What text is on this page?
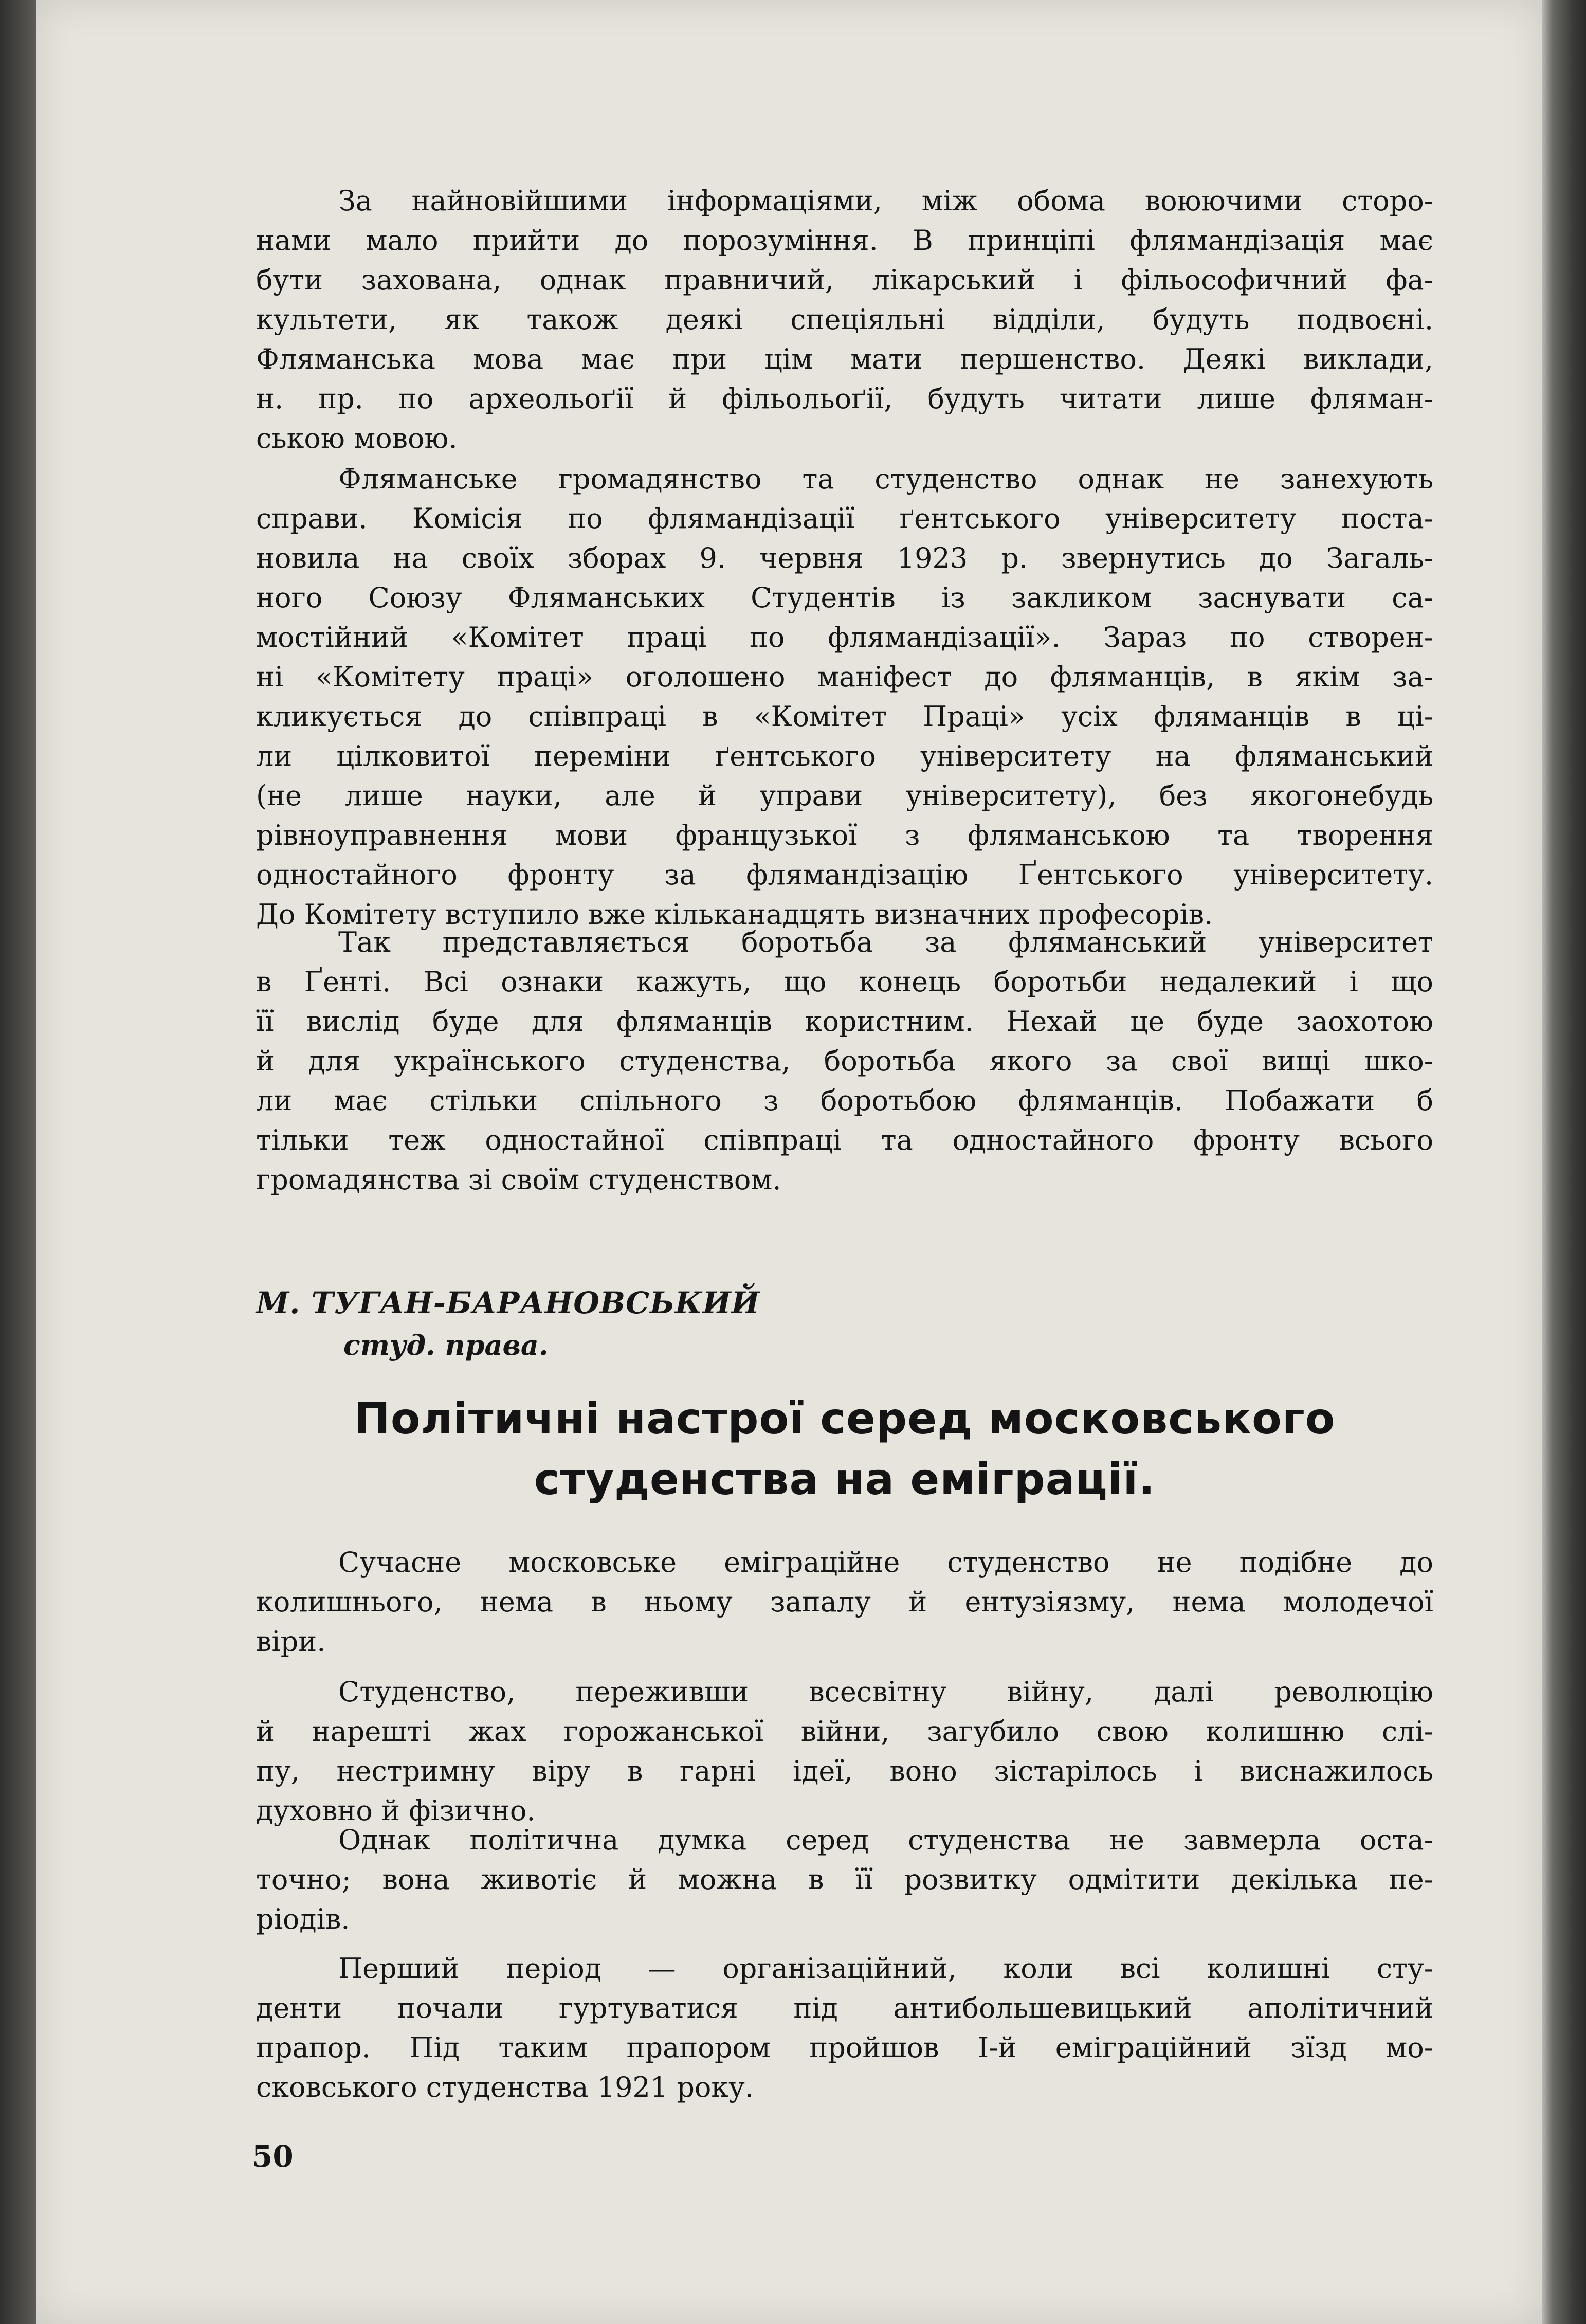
За найновійшими інформаціями, між обома воюючими сторо-
нами мало прийти до порозуміння. В принціпі флямандізація має
бути захована, однак правничий, лікарський і фільософичний фа-
культети, як також деякі спеціяльні відділи, будуть подвоєні.
Фляманська мова має при цім мати першенство. Деякі виклади,
н. пр. по археольоґії й фільольоґії, будуть читати лише фляман-
ською мовою.
Фляманське громадянство та студенство однак не занехують
справи. Комісія по флямандізації ґентського університету поста-
новила на своїх зборах 9. червня 1923 р. звернутись до Загаль-
ного Союзу Фляманських Студентів із закликом заснувати са-
мостійний «Комітет праці по флямандізації». Зараз по створен-
ні «Комітету праці» оголошено маніфест до фляманців, в якім за-
кликується до співпраці в «Комітет Праці» усіх фляманців в ці-
ли цілковитої переміни ґентського університету на фляманський
(не лише науки, але й управи університету), без якогонебудь
рівноуправнення мови французької з фляманською та творення
одностайного фронту за флямандізацію Ґентського університету.
До Комітету вступило вже кільканадцять визначних професорів.
Так представляється боротьба за фляманський університет
в Ґенті. Всі ознаки кажуть, що конець боротьби недалекий і що
її вислід буде для фляманців користним. Нехай це буде заохотою
й для українського студенства, боротьба якого за свої вищі шко-
ли має стільки спільного з боротьбою фляманців. Побажати б
тільки теж одностайної співпраці та одностайного фронту всього
громадянства зі своїм студенством.
М. ТУГАН-БАРАНОВСЬКИЙ
студ. права.
Політичні настрої серед московського
студенства на еміграції.
Сучасне московське еміграційне студенство не подібне до
колишнього, нема в ньому запалу й ентузіязму, нема молодечої
віри.
Студенство, переживши всесвітну війну, далі революцію
й нарешті жах горожанської війни, загубило свою колишню слі-
пу, нестримну віру в гарні ідеї, воно зістарілось і виснажилось
духовно й фізично.
Однак політична думка серед студенства не завмерла оста-
точно; вона животіє й можна в її розвитку одмітити декілька пе-
ріодів.
Перший період — організаційний, коли всі колишні сту-
денти почали гуртуватися під антибольшевицький аполітичний
прапор. Під таким прапором пройшов І-й еміграційний зїзд мо-
сковського студенства 1921 року.
50
